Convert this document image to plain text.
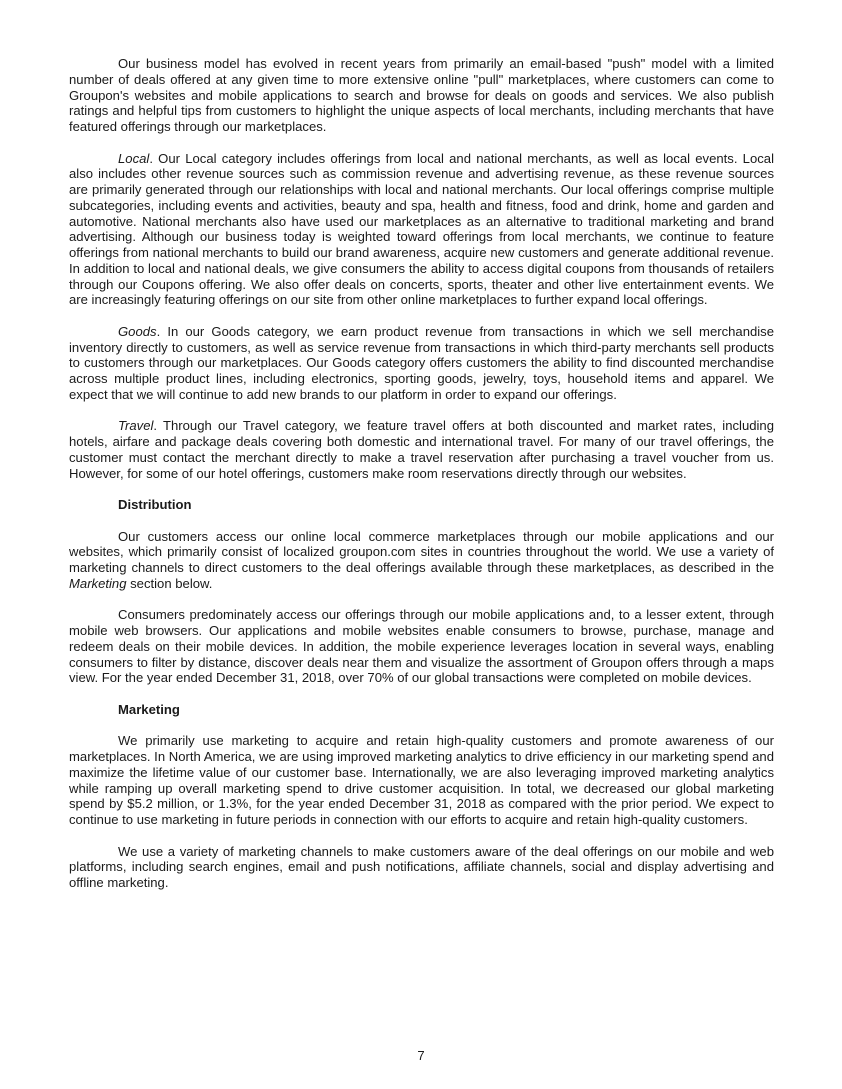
Our business model has evolved in recent years from primarily an email-based "push" model with a limited number of deals offered at any given time to more extensive online "pull" marketplaces, where customers can come to Groupon's websites and mobile applications to search and browse for deals on goods and services. We also publish ratings and helpful tips from customers to highlight the unique aspects of local merchants, including merchants that have featured offerings through our marketplaces.

Local. Our Local category includes offerings from local and national merchants, as well as local events. Local also includes other revenue sources such as commission revenue and advertising revenue, as these revenue sources are primarily generated through our relationships with local and national merchants. Our local offerings comprise multiple subcategories, including events and activities, beauty and spa, health and fitness, food and drink, home and garden and automotive. National merchants also have used our marketplaces as an alternative to traditional marketing and brand advertising. Although our business today is weighted toward offerings from local merchants, we continue to feature offerings from national merchants to build our brand awareness, acquire new customers and generate additional revenue. In addition to local and national deals, we give consumers the ability to access digital coupons from thousands of retailers through our Coupons offering. We also offer deals on concerts, sports, theater and other live entertainment events. We are increasingly featuring offerings on our site from other online marketplaces to further expand local offerings.

Goods. In our Goods category, we earn product revenue from transactions in which we sell merchandise inventory directly to customers, as well as service revenue from transactions in which third-party merchants sell products to customers through our marketplaces. Our Goods category offers customers the ability to find discounted merchandise across multiple product lines, including electronics, sporting goods, jewelry, toys, household items and apparel. We expect that we will continue to add new brands to our platform in order to expand our offerings.

Travel. Through our Travel category, we feature travel offers at both discounted and market rates, including hotels, airfare and package deals covering both domestic and international travel. For many of our travel offerings, the customer must contact the merchant directly to make a travel reservation after purchasing a travel voucher from us. However, for some of our hotel offerings, customers make room reservations directly through our websites.

Distribution

Our customers access our online local commerce marketplaces through our mobile applications and our websites, which primarily consist of localized groupon.com sites in countries throughout the world. We use a variety of marketing channels to direct customers to the deal offerings available through these marketplaces, as described in the Marketing section below.

Consumers predominately access our offerings through our mobile applications and, to a lesser extent, through mobile web browsers. Our applications and mobile websites enable consumers to browse, purchase, manage and redeem deals on their mobile devices. In addition, the mobile experience leverages location in several ways, enabling consumers to filter by distance, discover deals near them and visualize the assortment of Groupon offers through a maps view. For the year ended December 31, 2018, over 70% of our global transactions were completed on mobile devices.

Marketing

We primarily use marketing to acquire and retain high-quality customers and promote awareness of our marketplaces. In North America, we are using improved marketing analytics to drive efficiency in our marketing spend and maximize the lifetime value of our customer base. Internationally, we are also leveraging improved marketing analytics while ramping up overall marketing spend to drive customer acquisition. In total, we decreased our global marketing spend by $5.2 million, or 1.3%, for the year ended December 31, 2018 as compared with the prior period. We expect to continue to use marketing in future periods in connection with our efforts to acquire and retain high-quality customers.

We use a variety of marketing channels to make customers aware of the deal offerings on our mobile and web platforms, including search engines, email and push notifications, affiliate channels, social and display advertising and offline marketing.

7
